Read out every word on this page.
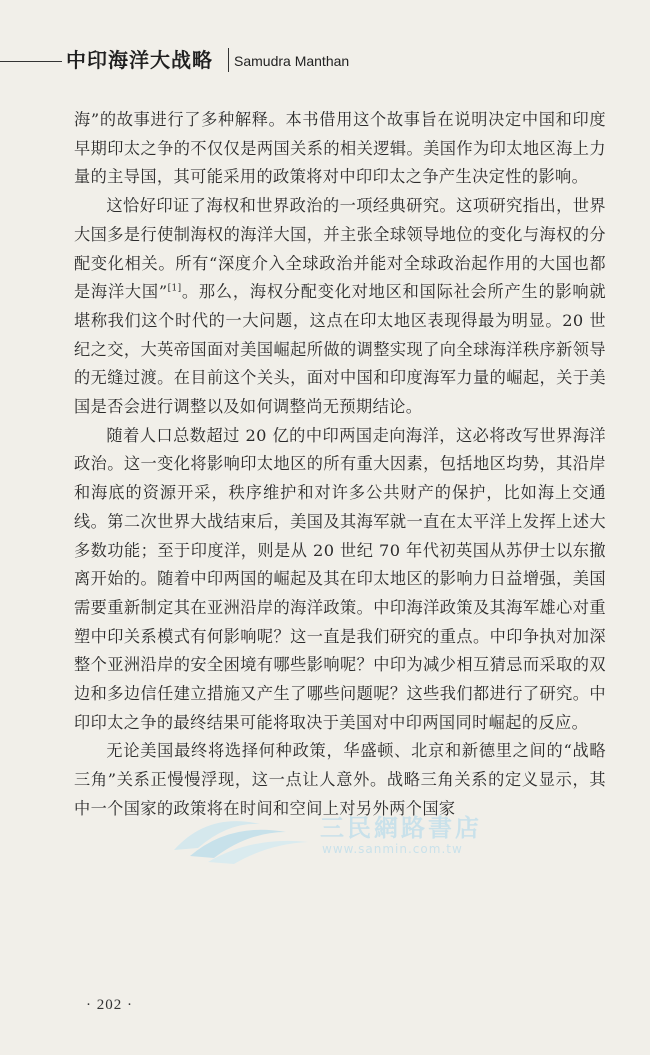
中印海洋大战略 Samudra Manthan

海”的故事进行了多种解释。本书借用这个故事旨在说明决定中国和印度早期印太之争的不仅仅是两国关系的相关逻辑。美国作为印太地区海上力量的主导国，其可能采用的政策将对中印印太之争产生决定性的影响。

这恰好印证了海权和世界政治的一项经典研究。这项研究指出，世界大国多是行使制海权的海洋大国，并主张全球领导地位的变化与海权的分配变化相关。所有“深度介入全球政治并能对全球政治起作用的大国也都是海洋大国”[1]。那么，海权分配变化对地区和国际社会所产生的影响就堪称我们这个时代的一大问题，这点在印太地区表现得最为明显。20 世纪之交，大英帝国面对美国崛起所做的调整实现了向全球海洋秩序新领导的无缝过渡。在目前这个关头，面对中国和印度海军力量的崛起，关于美国是否会进行调整以及如何调整尚无预期结论。

随着人口总数超过 20 亿的中印两国走向海洋，这必将改写世界海洋政治。这一变化将影响印太地区的所有重大因素，包括地区均势，其沿岸和海底的资源开采，秩序维护和对许多公共财产的保护，比如海上交通线。第二次世界大战结束后，美国及其海军就一直在太平洋上发挥上述大多数功能；至于印度洋，则是从 20 世纪 70 年代初英国从苏伊士以东撤离开始的。随着中印两国的崛起及其在印太地区的影响力日益增强，美国需要重新制定其在亚洲沿岸的海洋政策。中印海洋政策及其海军雄心对重塑中印关系模式有何影响呢？这一直是我们研究的重点。中印争执对加深整个亚洲沿岸的安全困境有哪些影响呢？中印为减少相互猜忌而采取的双边和多边信任建立措施又产生了哪些问题呢？这些我们都进行了研究。中印印太之争的最终结果可能将取决于美国对中印两国同时崛起的反应。

无论美国最终将选择何种政策，华盛顿、北京和新德里之间的“战略三角”关系正慢慢浮现，这一点让人意外。战略三角关系的定义显示，其中一个国家的政策将在时间和空间上对另外两个国家

三民網路書店
www.sanmin.com.tw
· 202 ·
